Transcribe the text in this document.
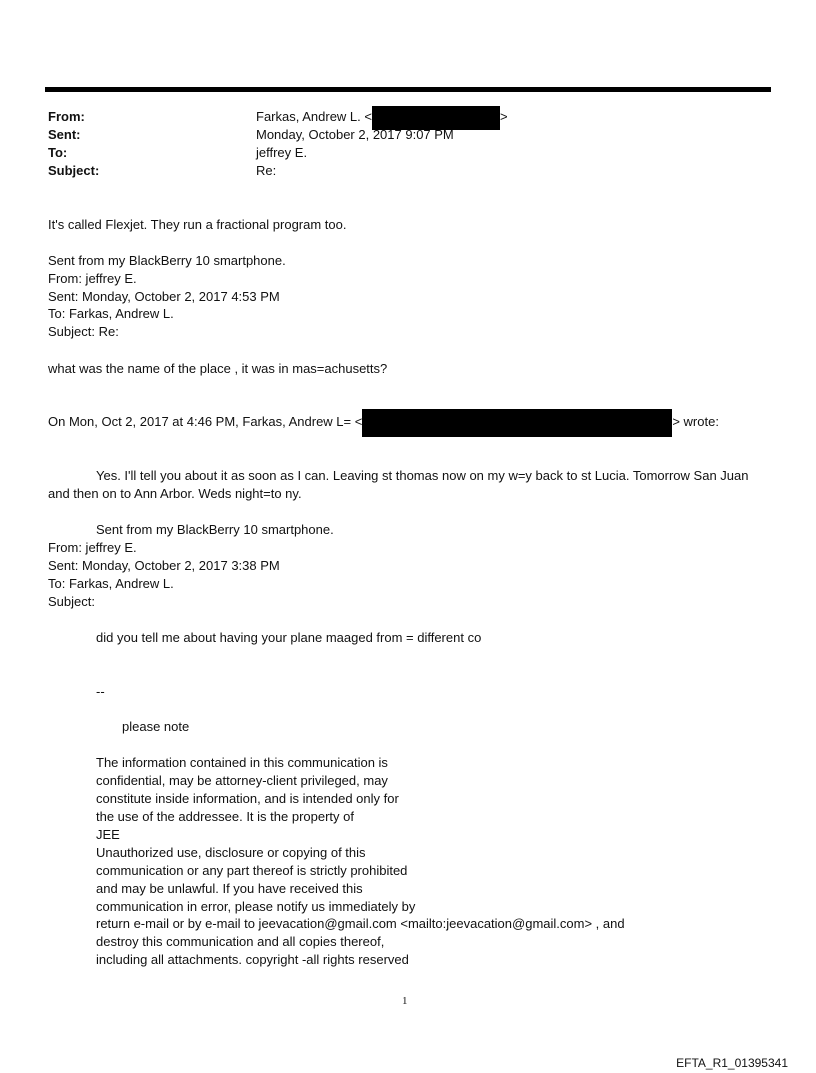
From:	Farkas, Andrew L. <	>
Sent:	Monday, October 2, 2017 9:07 PM
To:	jeffrey E.
Subject:	Re:
It's called Flexjet. They run a fractional program too.
Sent from my BlackBerry 10 smartphone.
From: jeffrey E.
Sent: Monday, October 2, 2017 4:53 PM
To: Farkas, Andrew L.
Subject: Re:
what was the name of the place , it was in mas=achusetts?
On Mon, Oct 2, 2017 at 4:46 PM, Farkas, Andrew L= <	> wrote:
Yes. I'll tell you about it as soon as I can. Leaving st thomas now on my w=y back to st Lucia. Tomorrow San Juan
and then on to Ann Arbor. Weds night=to ny.
Sent from my BlackBerry 10 smartphone.
From: jeffrey E.
Sent: Monday, October 2, 2017 3:38 PM
To: Farkas, Andrew L.
Subject:
did you tell me about having your plane maaged from = different co
--
please note
The information contained in this communication is
confidential, may be attorney-client privileged, may
constitute inside information, and is intended only for
the use of the addressee. It is the property of
JEE
Unauthorized use, disclosure or copying of this
communication or any part thereof is strictly prohibited
and may be unlawful. If you have received this
communication in error, please notify us immediately by
return e-mail or by e-mail to jeevacation@gmail.com <mailto:jeevacation@gmail.com> , and
destroy this communication and all copies thereof,
including all attachments. copyright -all rights reserved
1
EFTA_R1_01395341
